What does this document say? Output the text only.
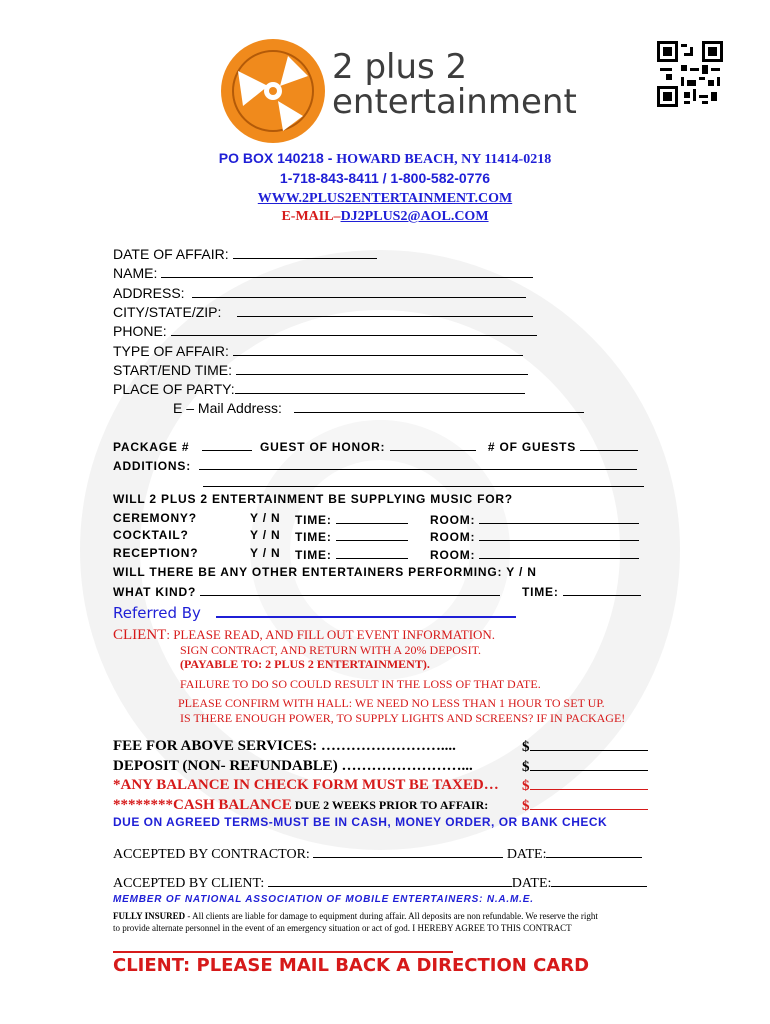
2 plus 2
entertainment
PO BOX 140218 - HOWARD BEACH, NY 11414-0218
1-718-843-8411 / 1-800-582-0776
WWW.2PLUS2ENTERTAINMENT.COM
E-MAIL–DJ2PLUS2@AOL.COM
DATE OF AFFAIR:
NAME:
ADDRESS:
CITY/STATE/ZIP:
PHONE:
TYPE OF AFFAIR:
START/END TIME:
PLACE OF PARTY:
E – Mail Address:
PACKAGE #	GUEST OF HONOR:	# OF GUESTS
ADDITIONS:
WILL 2 PLUS 2 ENTERTAINMENT BE SUPPLYING MUSIC FOR?
CEREMONY?	Y / N TIME:	ROOM:
COCKTAIL?	Y / N TIME:	ROOM:
RECEPTION?	Y / N TIME:	ROOM:
WILL THERE BE ANY OTHER ENTERTAINERS PERFORMING: Y / N
WHAT KIND?	TIME:
Referred By
CLIENT: PLEASE READ, AND FILL OUT EVENT INFORMATION.
SIGN CONTRACT, AND RETURN WITH A 20% DEPOSIT.
(PAYABLE TO: 2 PLUS 2 ENTERTAINMENT).
FAILURE TO DO SO COULD RESULT IN THE LOSS OF THAT DATE.
PLEASE CONFIRM WITH HALL: WE NEED NO LESS THAN 1 HOUR TO SET UP.
IS THERE ENOUGH POWER, TO SUPPLY LIGHTS AND SCREENS? IF IN PACKAGE!
FEE FOR ABOVE SERVICES: ……………………....	$
DEPOSIT (NON- REFUNDABLE) ……………………...	$
*ANY BALANCE IN CHECK FORM MUST BE TAXED… $
********CASH BALANCE DUE 2 WEEKS PRIOR TO AFFAIR: $
DUE ON AGREED TERMS-MUST BE IN CASH, MONEY ORDER, OR BANK CHECK
ACCEPTED BY CONTRACTOR:	DATE:
ACCEPTED BY CLIENT:	DATE:
MEMBER OF NATIONAL ASSOCIATION OF MOBILE ENTERTAINERS: N.A.M.E.
FULLY INSURED - All clients are liable for damage to equipment during affair. All deposits are non refundable. We reserve the right
to provide alternate personnel in the event of an emergency situation or act of god. I HEREBY AGREE TO THIS CONTRACT
CLIENT: PLEASE MAIL BACK A DIRECTION CARD
